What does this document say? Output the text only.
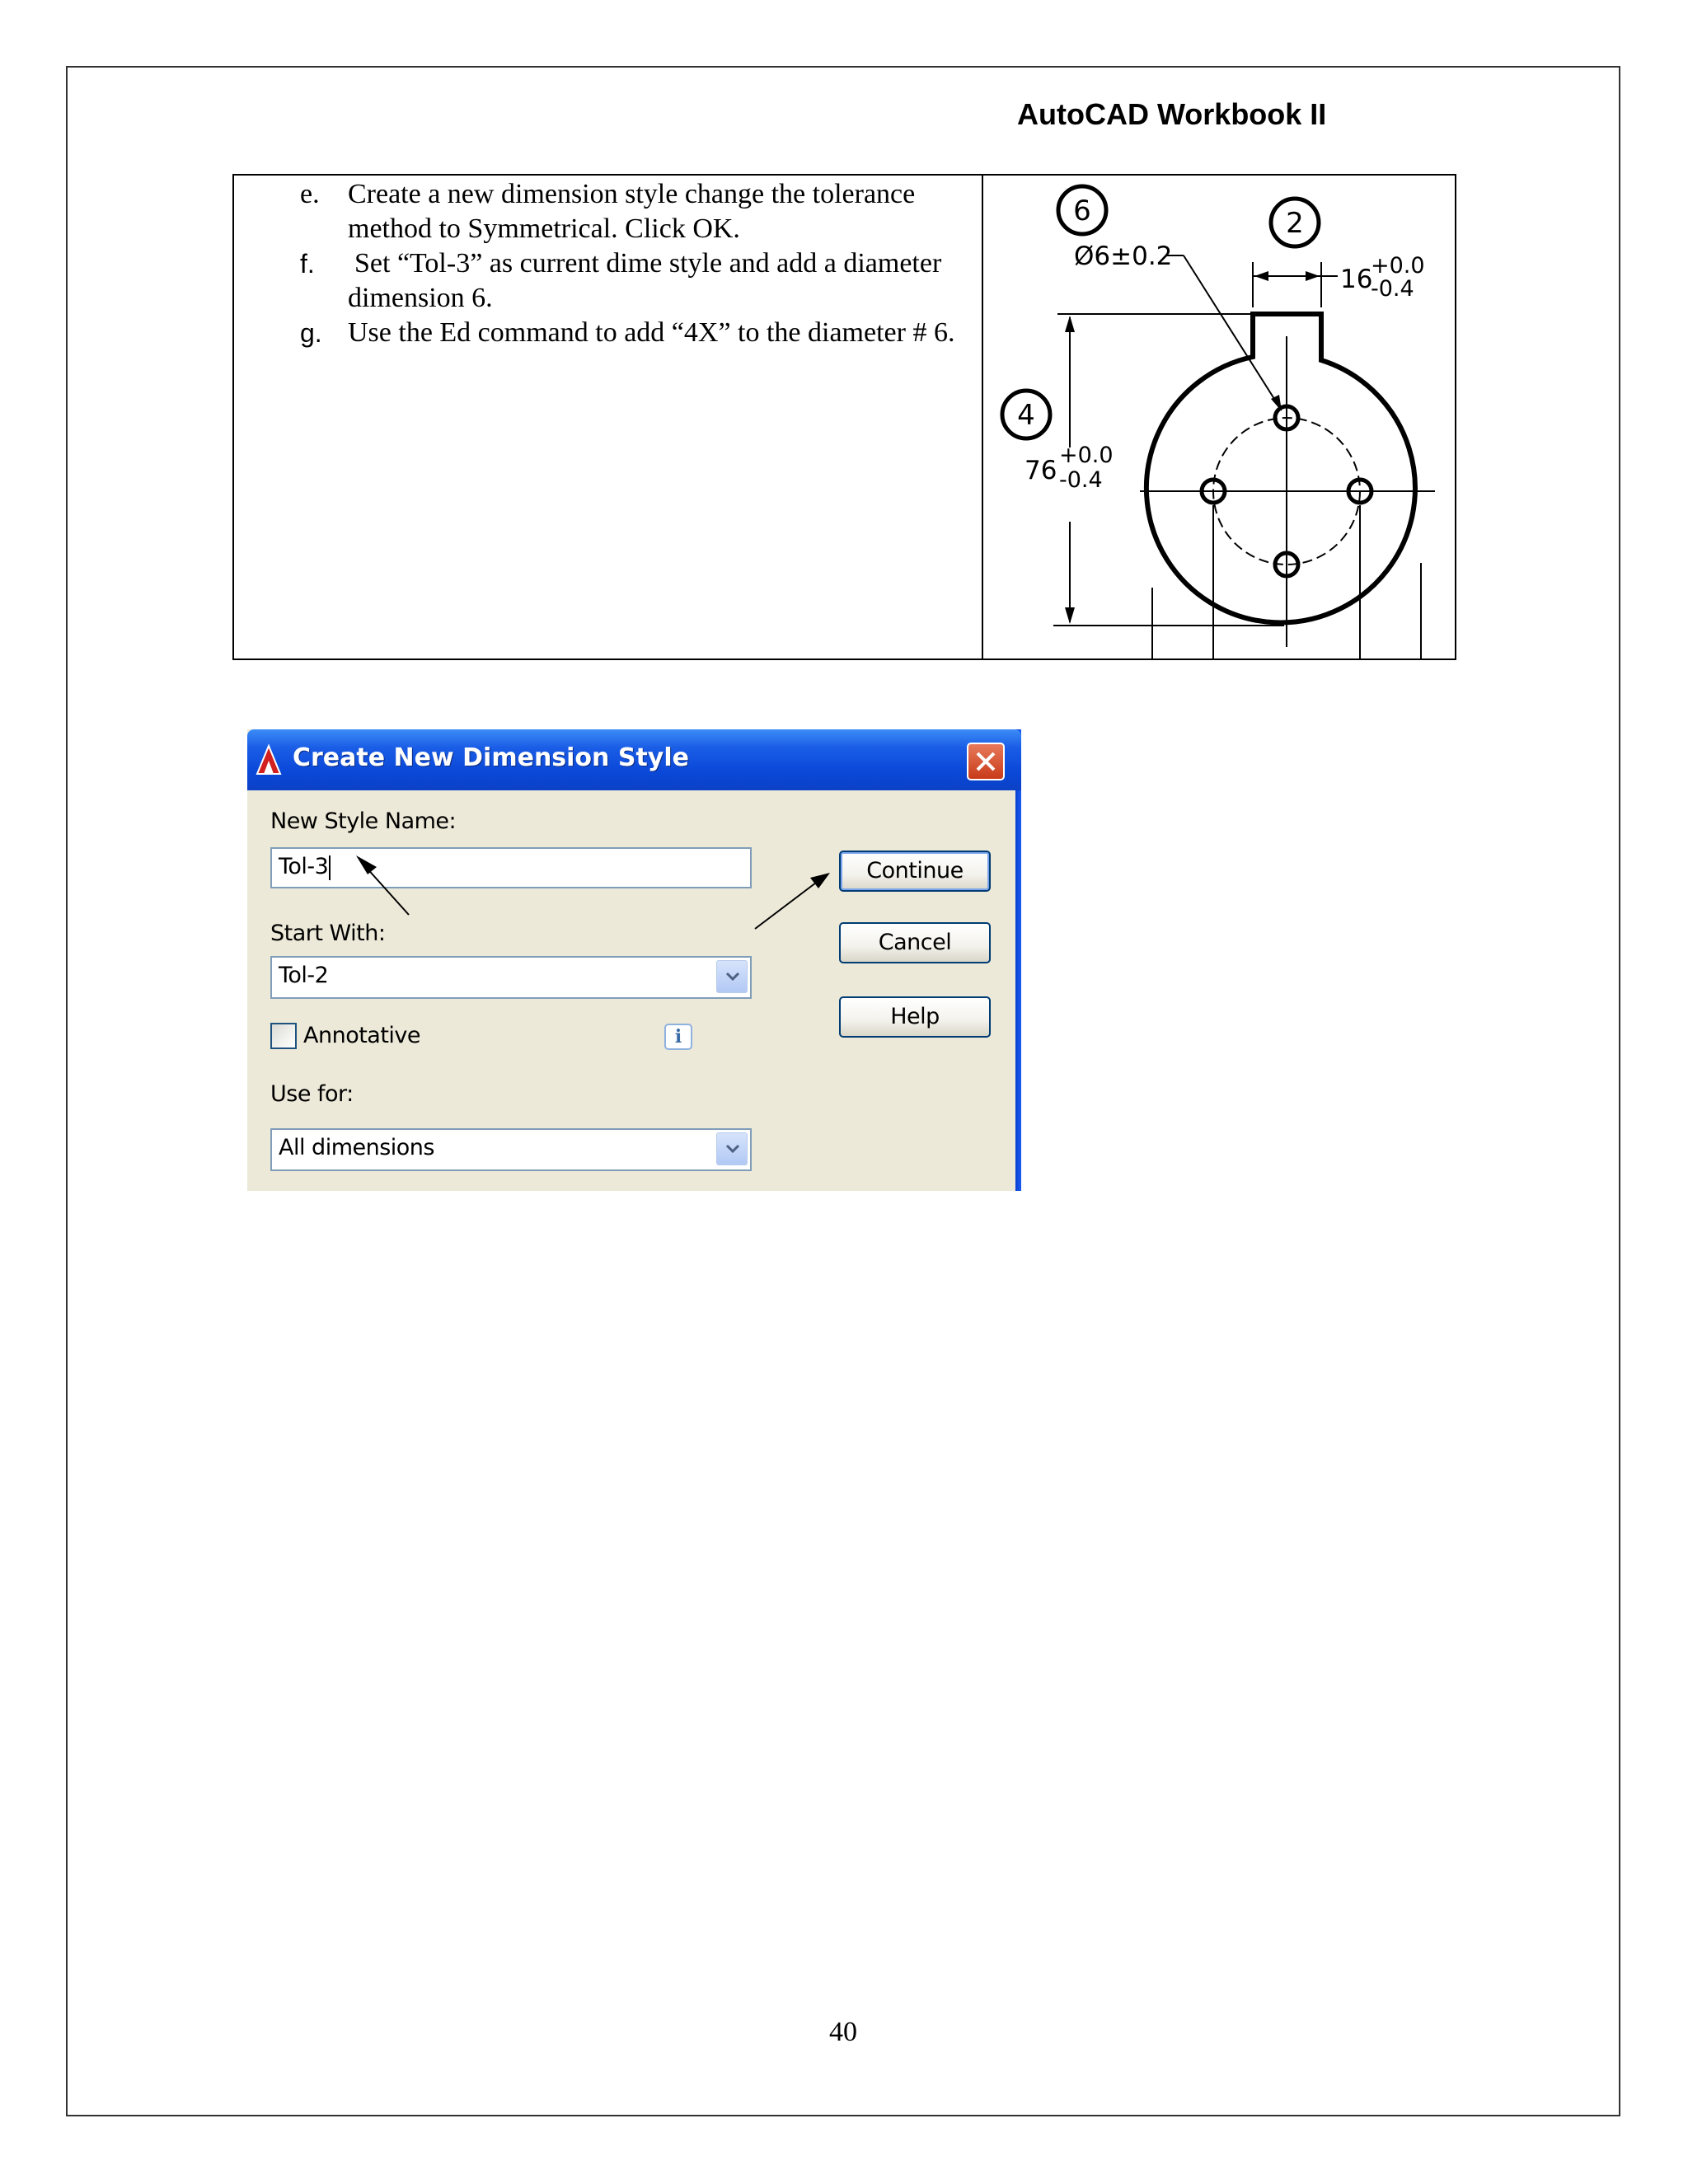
AutoCAD Workbook II
e.	Create a new dimension style change the tolerance method to Symmetrical. Click OK.
f.	Set “Tol-3” as current dime style and add a diameter dimension 6.
g. Use the Ed command to add “4X” to the diameter # 6.
76
+0.0
-0.4
16
+0.0
-0.4
Ø6±0.2
6	2
4
Create New Dimension Style
New Style Name:
Tol-3
Start With:
Tol-2
Annotative	i
Use for:
All dimensions
Continue
Cancel
Help
40
